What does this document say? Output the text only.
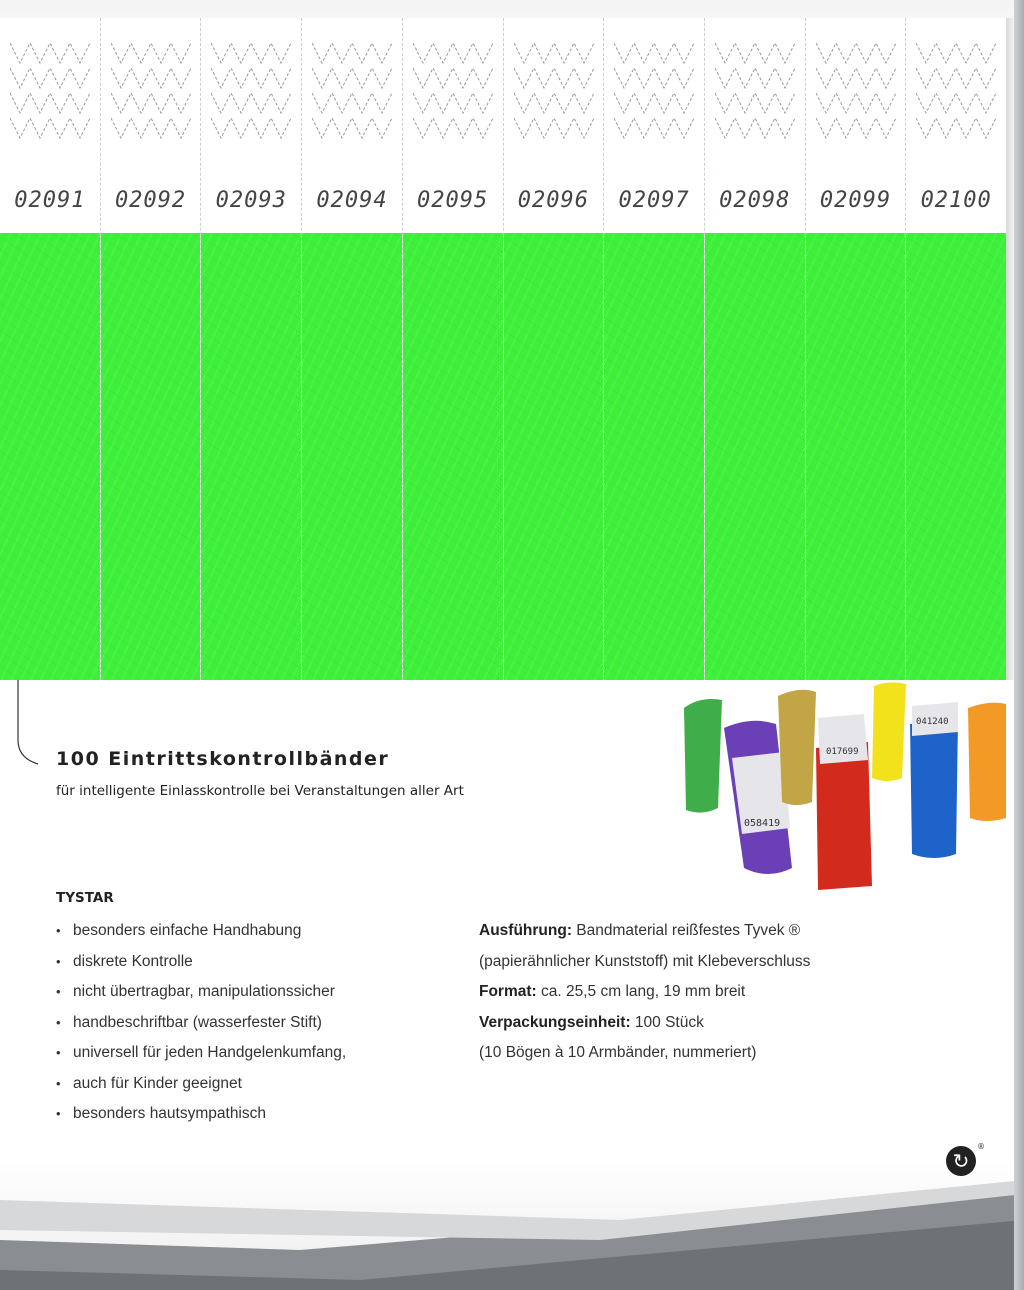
02091	02092	02093	02094	02095	02096	02097	02098	02099	02100
100 Eintrittskontrollbänder

für intelligente Einlasskontrolle bei Veranstaltungen aller Art

058419
017699
041240

TYSTAR

• besonders einfache Handhabung
• diskrete Kontrolle
• nicht übertragbar, manipulationssicher
• handbeschriftbar (wasserfester Stift)
• universell für jeden Handgelenkumfang,
• auch für Kinder geeignet
• besonders hautsympathisch
Ausführung: Bandmaterial reißfestes Tyvek ®
(papierähnlicher Kunststoff) mit Klebeverschluss
Format: ca. 25,5 cm lang, 19 mm breit
Verpackungseinheit: 100 Stück
(10 Bögen à 10 Armbänder, nummeriert)
↻
®
